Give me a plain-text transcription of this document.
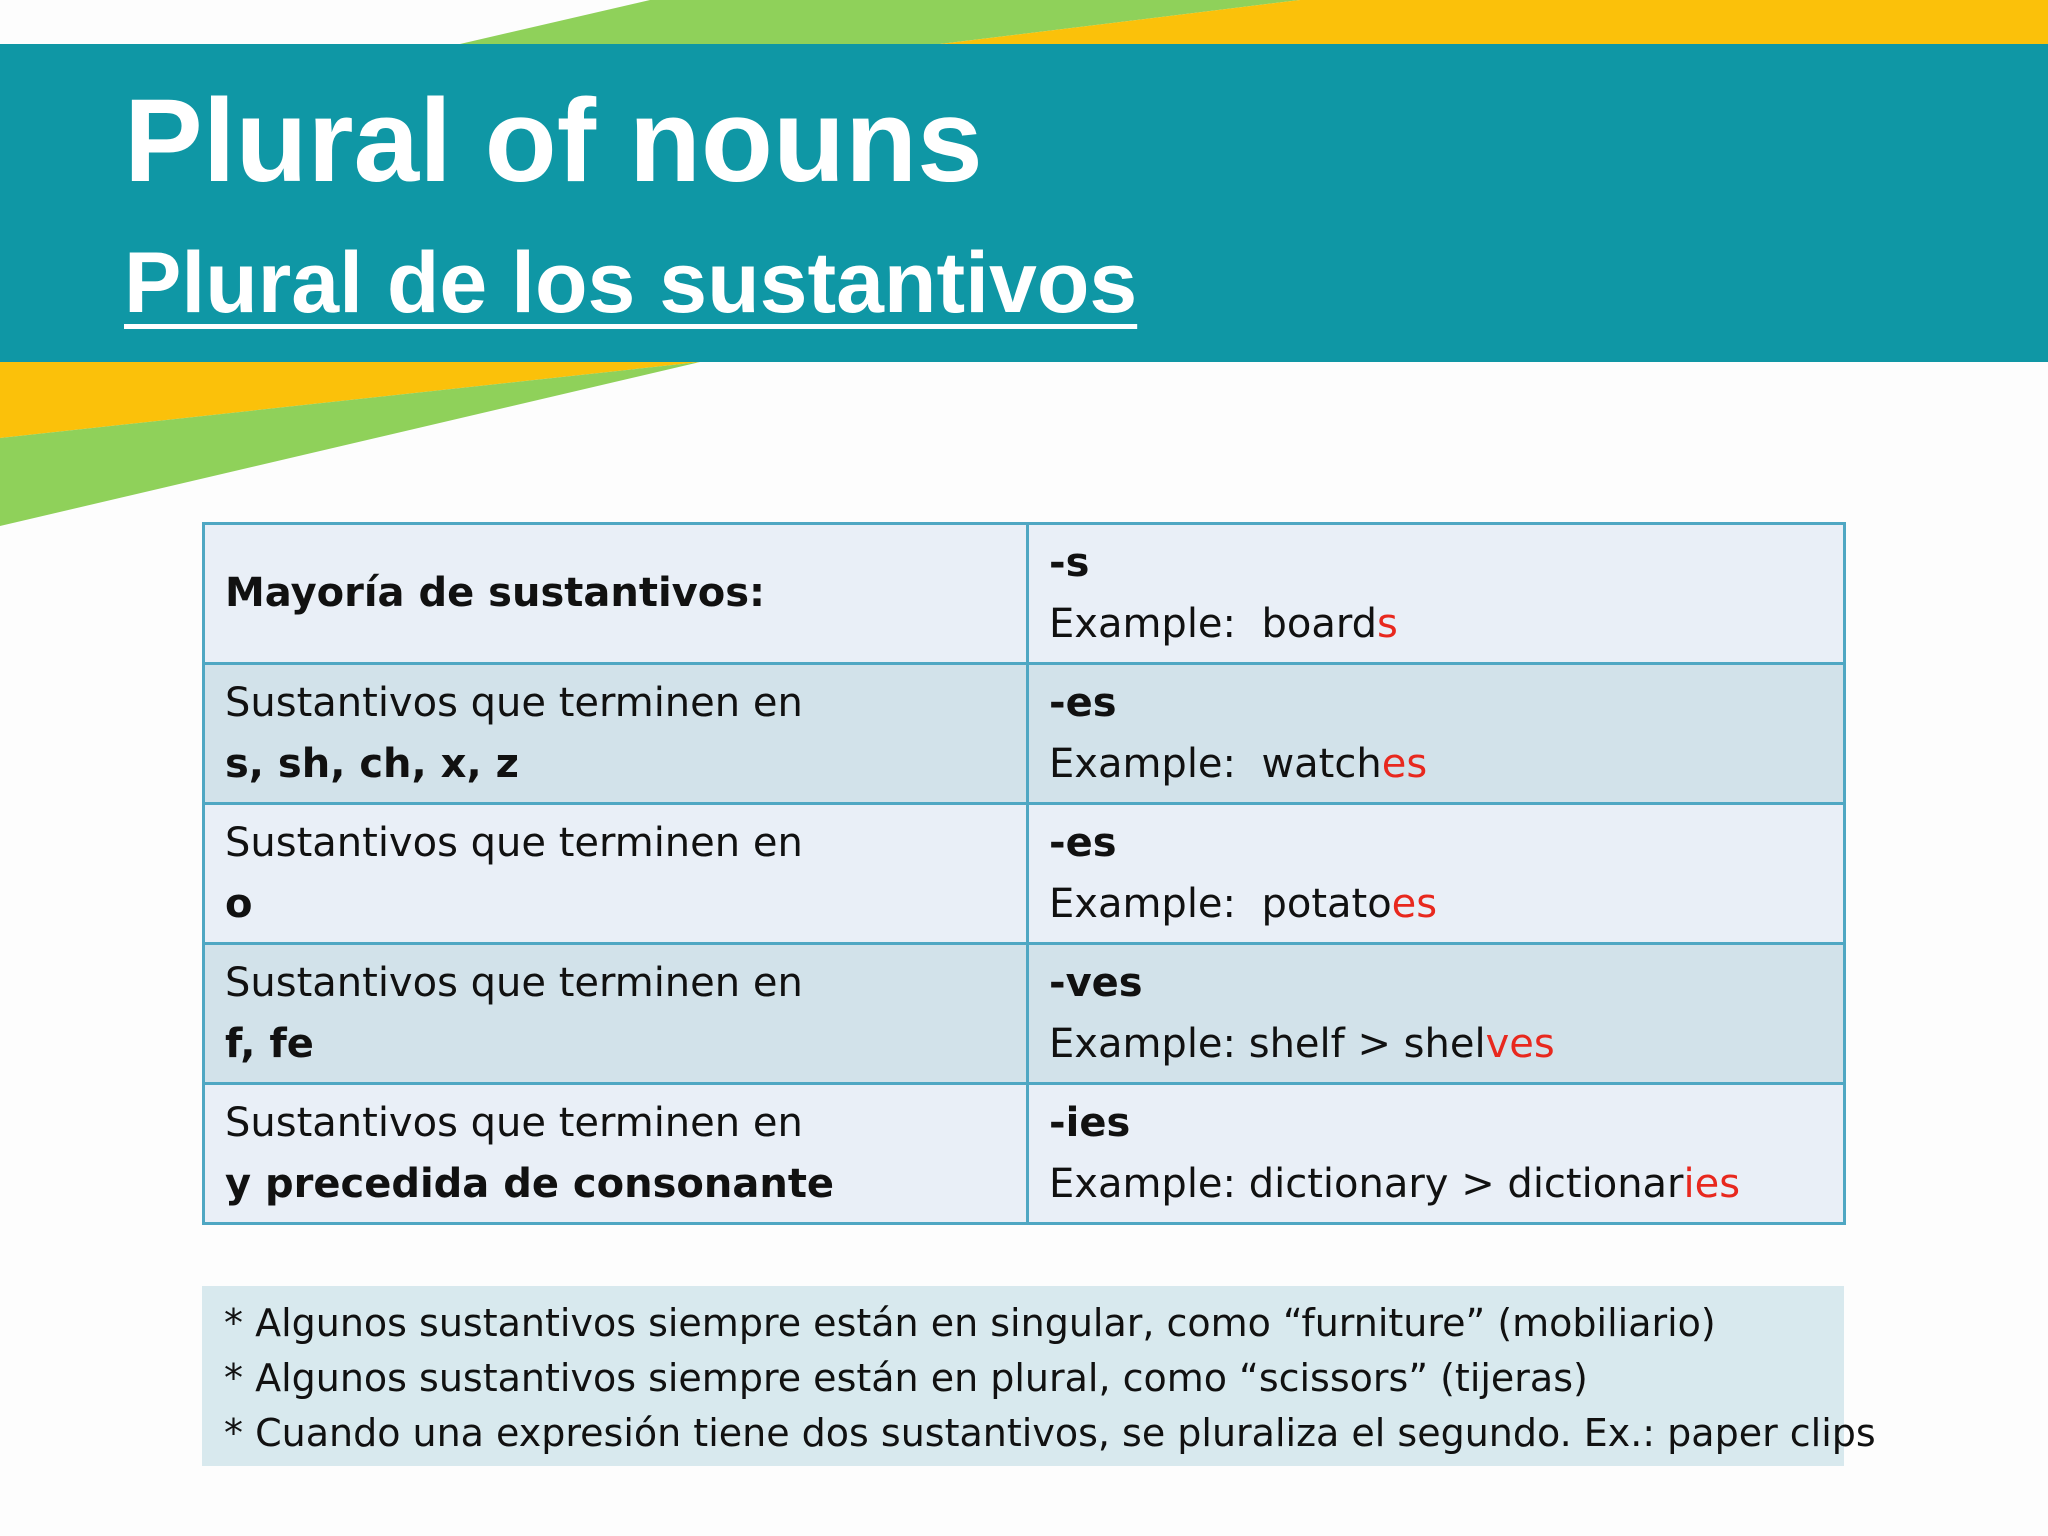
Plural of nouns
Plural de los sustantivos
Mayoría de sustantivos:	-s
Example:  boards

Sustantivos que terminen en
s, sh, ch, x, z	-es
Example:  watches

Sustantivos que terminen en
o	-es
Example:  potatoes

Sustantivos que terminen en
f, fe	-ves
Example: shelf > shelves

Sustantivos que terminen en
y precedida de consonante	-ies
Example: dictionary > dictionaries
* Algunos sustantivos siempre están en singular, como “furniture” (mobiliario)
* Algunos sustantivos siempre están en plural, como “scissors” (tijeras)
* Cuando una expresión tiene dos sustantivos, se pluraliza el segundo. Ex.: paper clips
